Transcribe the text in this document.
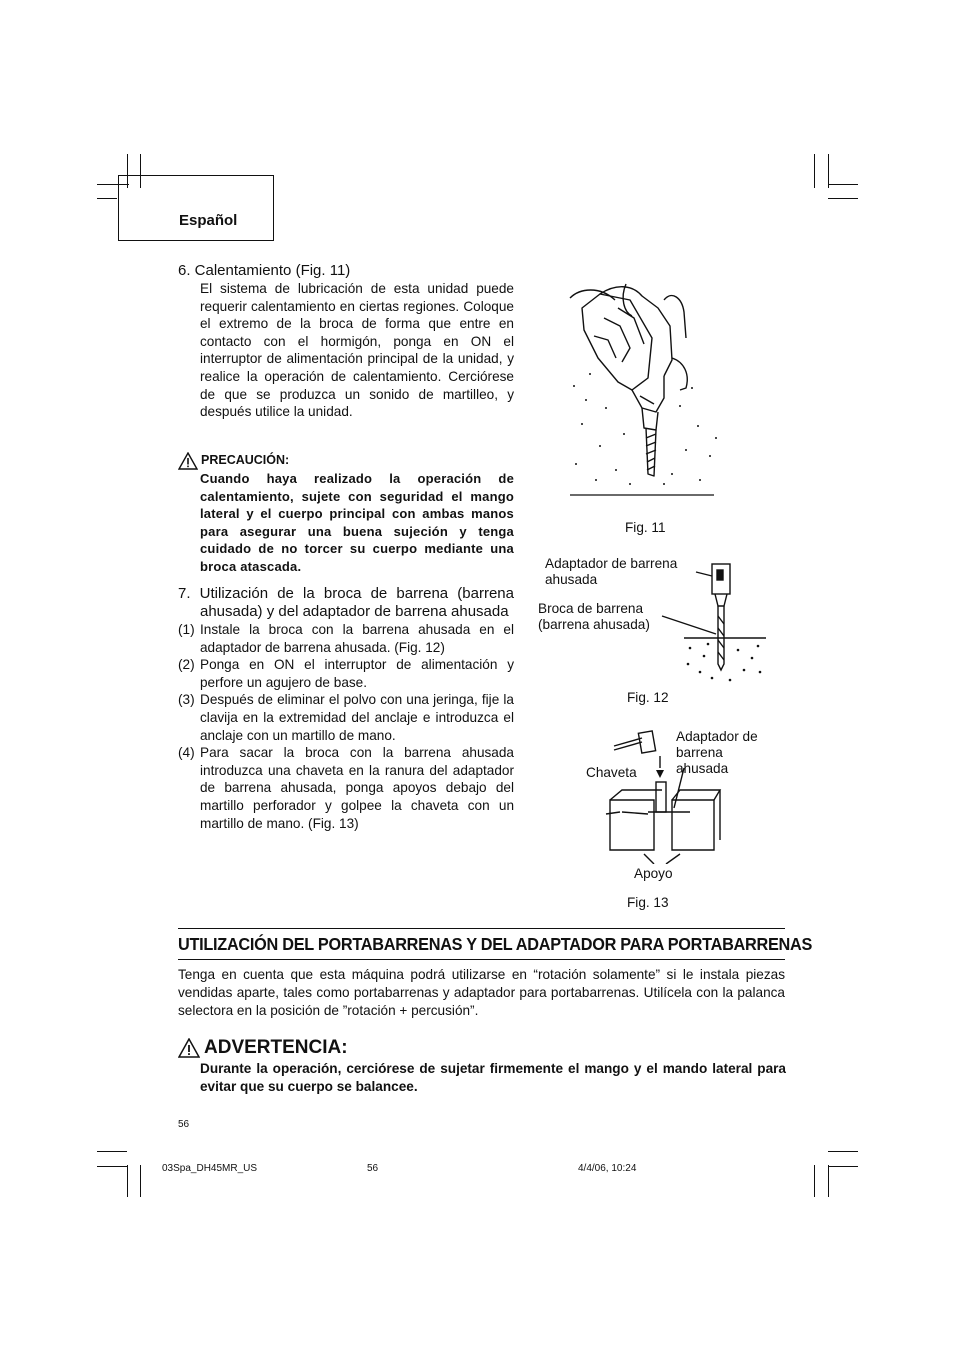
Español
6. Calentamiento (Fig. 11)
El sistema de lubricación de esta unidad puede requerir calentamiento en ciertas regiones. Coloque el extremo de la broca de forma que entre en contacto con el hormigón, ponga en ON el interruptor de alimentación principal de la unidad, y realice la operación de calentamiento. Cerciórese de que se produzca un sonido de martilleo, y después utilice la unidad.
PRECAUCIÓN:
Cuando haya realizado la operación de calentamiento, sujete con seguridad el mango lateral y el cuerpo principal con ambas manos para asegurar una buena sujeción y tenga cuidado de no torcer su cuerpo mediante una broca atascada.
7. Utilización de la broca de barrena (barrena ahusada) y del adaptador de barrena ahusada
(1) Instale la broca con la barrena ahusada en el adaptador de barrena ahusada. (Fig. 12)
(2) Ponga en ON el interruptor de alimentación y perfore un agujero de base.
(3) Después de eliminar el polvo con una jeringa, fije la clavija en la extremidad del anclaje e introduzca el anclaje con un martillo de mano.
(4) Para sacar la broca con la barrena ahusada introduzca una chaveta en la ranura del adaptador de barrena ahusada, ponga apoyos debajo del martillo perforador y golpee la chaveta con un martillo de mano. (Fig. 13)
Fig. 11
Adaptador de barrena ahusada
Broca de barrena
(barrena ahusada)
Fig. 12
Adaptador de barrena ahusada
Chaveta
Apoyo
Fig. 13
UTILIZACIÓN DEL PORTABARRENAS Y DEL ADAPTADOR PARA PORTABARRENAS
Tenga en cuenta que esta máquina podrá utilizarse en “rotación solamente” si le instala piezas vendidas aparte, tales como portabarrenas y adaptador para portabarrenas. Utilícela con la palanca selectora en la posición de ”rotación + percusión”.
ADVERTENCIA:
Durante la operación, cerciórese de sujetar firmemente el mango y el mando lateral para evitar que su cuerpo se balancee.
56
03Spa_DH45MR_US	56	4/4/06, 10:24
